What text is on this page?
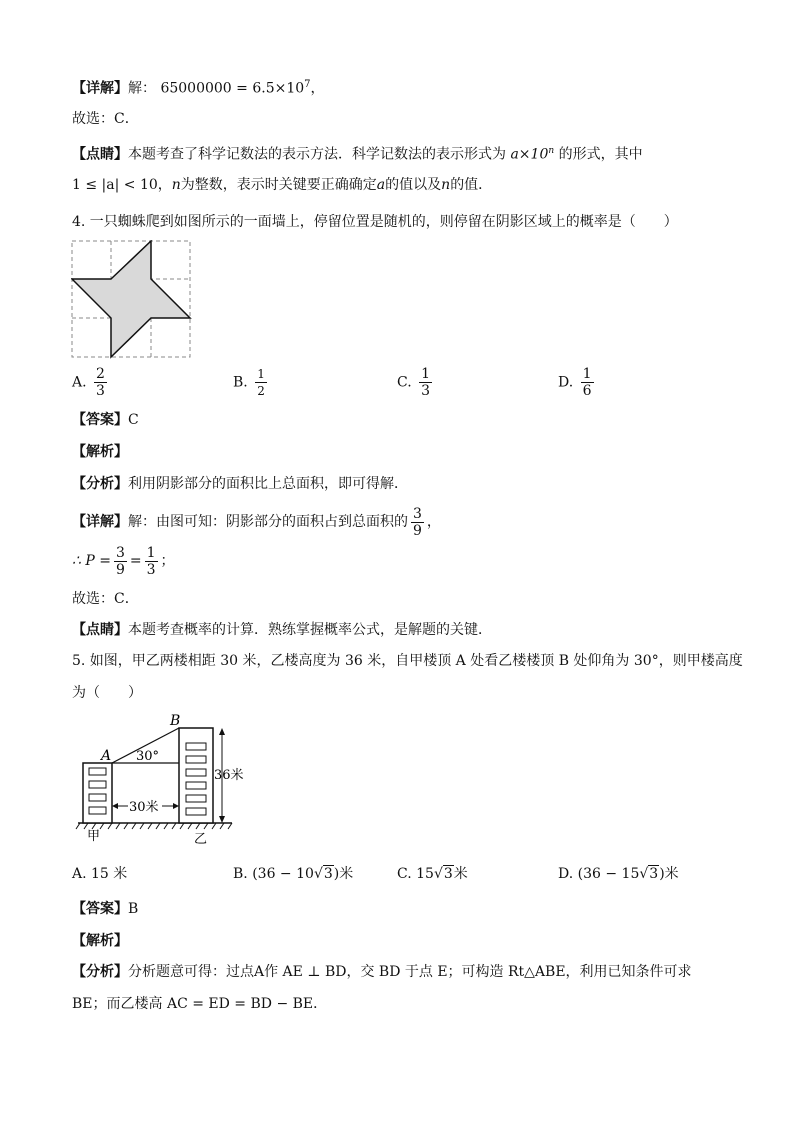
【详解】解： $65000000 = 6.5\times 10^7$，
故选：C．
【点睛】本题考查了科学记数法的表示方法．科学记数法的表示形式为 $a\times 10^n$ 的形式，其中
1 ≤ |a| < 10，n为整数，表示时关键要正确确定a的值以及n的值．
4. 一只蜘蛛爬到如图所示的一面墙上，停留位置是随机的，则停留在阴影区域上的概率是（　　）
A. $\frac{2}{3}$	B. $\frac{1}{2}$	C. $\frac{1}{3}$	D. $\frac{1}{6}$
【答案】C
【解析】
【分析】利用阴影部分的面积比上总面积，即可得解．
【详解】解：由图可知：阴影部分的面积占到总面积的 $\frac{3}{9}$ ，
∴ $P = \frac{3}{9} = \frac{1}{3}$ ；
故选：C．
【点睛】本题考查概率的计算．熟练掌握概率公式，是解题的关键．
5. 如图，甲乙两楼相距 30 米，乙楼高度为 36 米，自甲楼顶 A 处看乙楼楼顶 B 处仰角为 30°，则甲楼高度
为（　　）
A
B
30°
36米
30米
甲	乙
A. 15 米	B. (36 − 10√3)米	C. 15√3米	D. (36 − 15√3)米
【答案】B
【解析】
【分析】分析题意可得：过点A作 AE ⊥ BD，交 BD 于点 E；可构造 Rt△ABE，利用已知条件可求
BE；而乙楼高 AC = ED = BD − BE．
